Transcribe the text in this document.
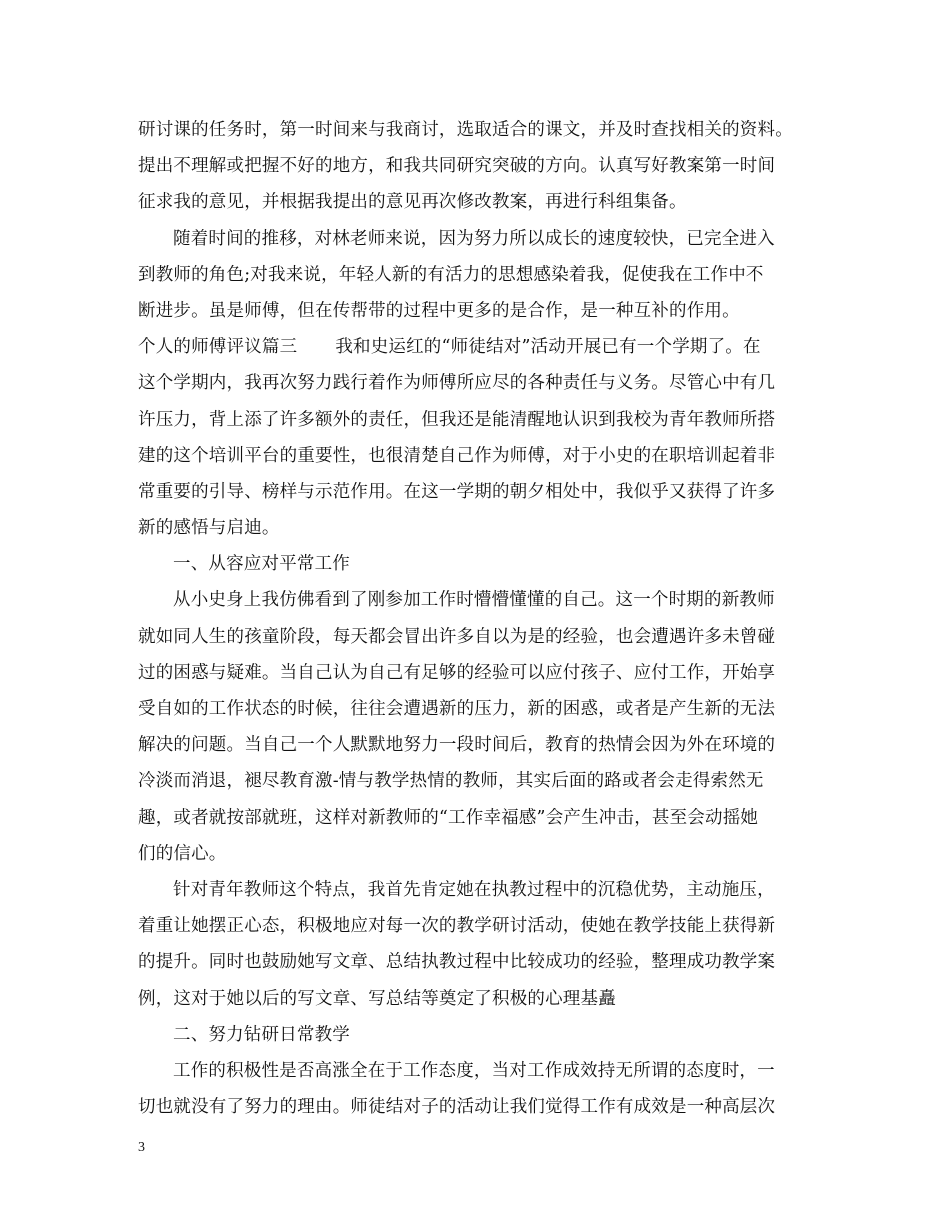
研讨课的任务时，第一时间来与我商讨，选取适合的课文，并及时查找相关的资料。
提出不理解或把握不好的地方，和我共同研究突破的方向。认真写好教案第一时间
征求我的意见，并根据我提出的意见再次修改教案，再进行科组集备。
随着时间的推移，对林老师来说，因为努力所以成长的速度较快，已完全进入
到教师的角色;对我来说，年轻人新的有活力的思想感染着我，促使我在工作中不
断进步。虽是师傅，但在传帮带的过程中更多的是合作，是一种互补的作用。
个人的师傅评议篇三 我和史运红的“师徒结对”活动开展已有一个学期了。在
这个学期内，我再次努力践行着作为师傅所应尽的各种责任与义务。尽管心中有几
许压力，背上添了许多额外的责任，但我还是能清醒地认识到我校为青年教师所搭
建的这个培训平台的重要性，也很清楚自己作为师傅，对于小史的在职培训起着非
常重要的引导、榜样与示范作用。在这一学期的朝夕相处中，我似乎又获得了许多
新的感悟与启迪。
一、从容应对平常工作
从小史身上我仿佛看到了刚参加工作时懵懵懂懂的自己。这一个时期的新教师
就如同人生的孩童阶段，每天都会冒出许多自以为是的经验，也会遭遇许多未曾碰
过的困惑与疑难。当自己认为自己有足够的经验可以应付孩子、应付工作，开始享
受自如的工作状态的时候，往往会遭遇新的压力，新的困惑，或者是产生新的无法
解决的问题。当自己一个人默默地努力一段时间后，教育的热情会因为外在环境的
冷淡而消退，褪尽教育激-情与教学热情的教师，其实后面的路或者会走得索然无
趣，或者就按部就班，这样对新教师的“工作幸福感”会产生冲击，甚至会动摇她
们的信心。
针对青年教师这个特点，我首先肯定她在执教过程中的沉稳优势，主动施压，
着重让她摆正心态，积极地应对每一次的教学研讨活动，使她在教学技能上获得新
的提升。同时也鼓励她写文章、总结执教过程中比较成功的经验，整理成功教学案
例，这对于她以后的写文章、写总结等奠定了积极的心理基矗
二、努力钻研日常教学
工作的积极性是否高涨全在于工作态度，当对工作成效持无所谓的态度时，一
切也就没有了努力的理由。师徒结对子的活动让我们觉得工作有成效是一种高层次
3
